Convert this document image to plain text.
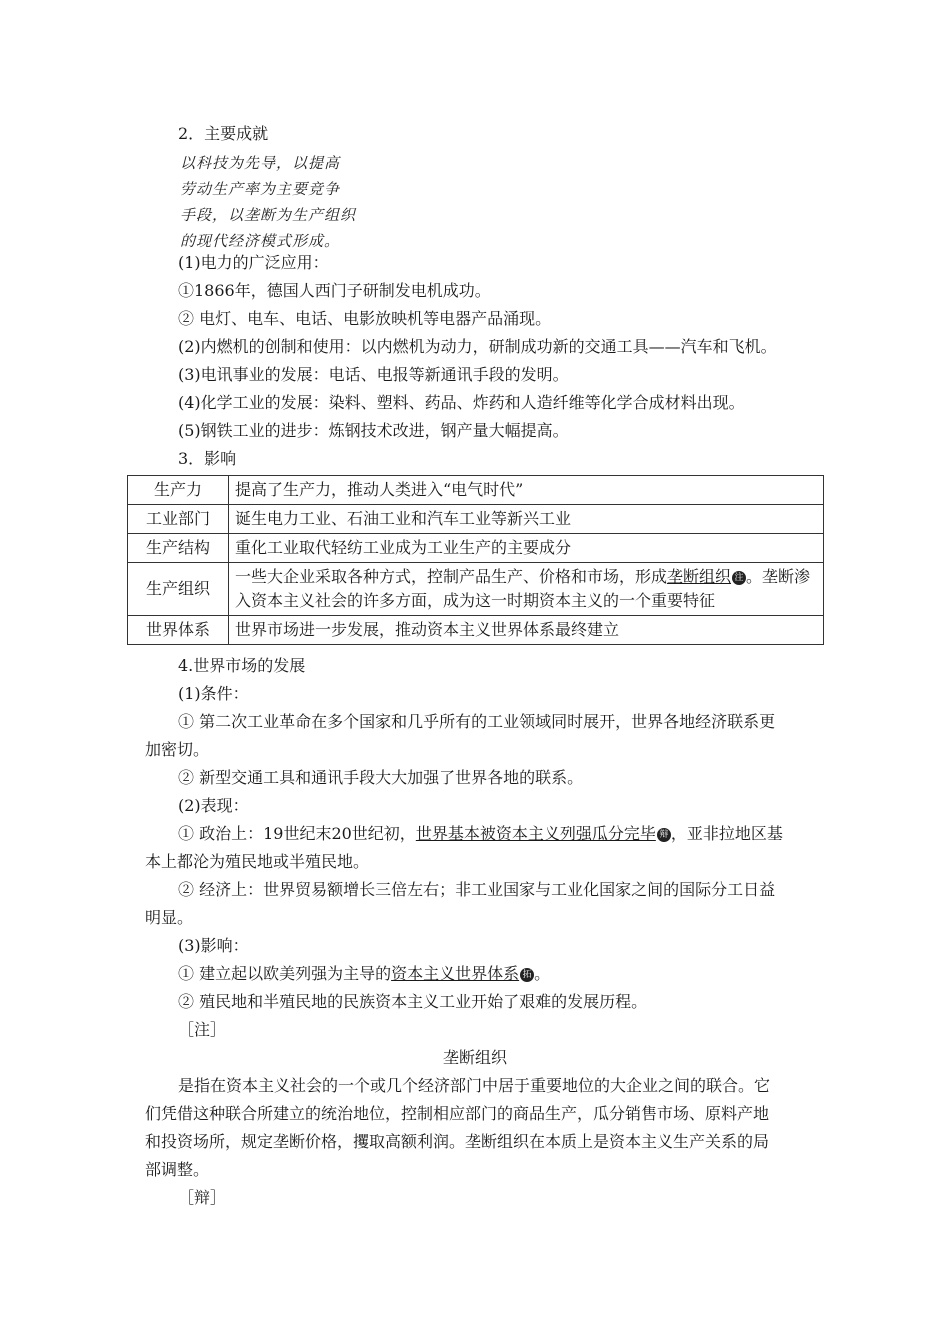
2．主要成就
以科技为先导，以提高
劳动生产率为主要竞争
手段，以垄断为生产组织
的现代经济模式形成。
(1)电力的广泛应用：
①1866年，德国人西门子研制发电机成功。
② 电灯、电车、电话、电影放映机等电器产品涌现。
(2)内燃机的创制和使用：以内燃机为动力，研制成功新的交通工具——汽车和飞机。
(3)电讯事业的发展：电话、电报等新通讯手段的发明。
(4)化学工业的发展：染料、塑料、药品、炸药和人造纤维等化学合成材料出现。
(5)钢铁工业的进步：炼钢技术改进，钢产量大幅提高。
3．影响
生产力	提高了生产力，推动人类进入“电气时代”
工业部门	诞生电力工业、石油工业和汽车工业等新兴工业
生产结构	重化工业取代轻纺工业成为工业生产的主要成分
生产组织	一些大企业采取各种方式，控制产品生产、价格和市场，形成垄断组织 注 。垄断渗入资本主义社会的许多方面，成为这一时期资本主义的一个重要特征
世界体系	世界市场进一步发展，推动资本主义世界体系最终建立
4.世界市场的发展
(1)条件：
① 第二次工业革命在多个国家和几乎所有的工业领域同时展开，世界各地经济联系更
加密切。
② 新型交通工具和通讯手段大大加强了世界各地的联系。
(2)表现：
① 政治上：19世纪末20世纪初，世界基本被资本主义列强瓜分完毕 辩 ，亚非拉地区基
本上都沦为殖民地或半殖民地。
② 经济上：世界贸易额增长三倍左右；非工业国家与工业化国家之间的国际分工日益
明显。
(3)影响：
① 建立起以欧美列强为主导的资本主义世界体系 拓 。
② 殖民地和半殖民地的民族资本主义工业开始了艰难的发展历程。
［注］
垄断组织
是指在资本主义社会的一个或几个经济部门中居于重要地位的大企业之间的联合。它
们凭借这种联合所建立的统治地位，控制相应部门的商品生产，瓜分销售市场、原料产地
和投资场所，规定垄断价格，攫取高额利润。垄断组织在本质上是资本主义生产关系的局
部调整。
［辩］
